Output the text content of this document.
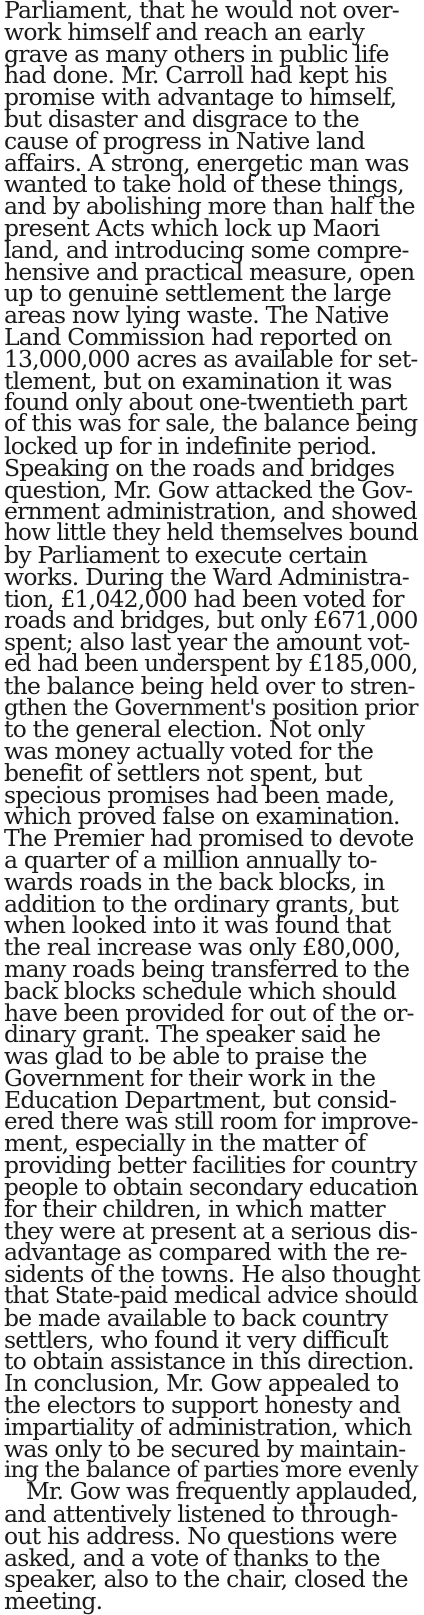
Parliament, that he would not over-
work himself and reach an early
grave as many others in public life
had done. Mr. Carroll had kept his
promise with advantage to himself,
but disaster and disgrace to the
cause of progress in Native land
affairs. A strong, energetic man was
wanted to take hold of these things,
and by abolishing more than half the
present Acts which lock up Maori
land, and introducing some compre-
hensive and practical measure, open
up to genuine settlement the large
areas now lying waste. The Native
Land Commission had reported on
13,000,000 acres as available for set-
tlement, but on examination it was
found only about one-twentieth part
of this was for sale, the balance being
locked up for in indefinite period.
Speaking on the roads and bridges
question, Mr. Gow attacked the Gov-
ernment administration, and showed
how little they held themselves bound
by Parliament to execute certain
works. During the Ward Administra-
tion, £1,042,000 had been voted for
roads and bridges, but only £671,000
spent; also last year the amount vot-
ed had been underspent by £185,000,
the balance being held over to stren-
gthen the Government's position prior
to the general election. Not only
was money actually voted for the
benefit of settlers not spent, but
specious promises had been made,
which proved false on examination.
The Premier had promised to devote
a quarter of a million annually to-
wards roads in the back blocks, in
addition to the ordinary grants, but
when looked into it was found that
the real increase was only £80,000,
many roads being transferred to the
back blocks schedule which should
have been provided for out of the or-
dinary grant. The speaker said he
was glad to be able to praise the
Government for their work in the
Education Department, but consid-
ered there was still room for improve-
ment, especially in the matter of
providing better facilities for country
people to obtain secondary education
for their children, in which matter
they were at present at a serious dis-
advantage as compared with the re-
sidents of the towns. He also thought
that State-paid medical advice should
be made available to back country
settlers, who found it very difficult
to obtain assistance in this direction.
In conclusion, Mr. Gow appealed to
the electors to support honesty and
impartiality of administration, which
was only to be secured by maintain-
ing the balance of parties more evenly
Mr. Gow was frequently applauded,
and attentively listened to through-
out his address. No questions were
asked, and a vote of thanks to the
speaker, also to the chair, closed the
meeting.
